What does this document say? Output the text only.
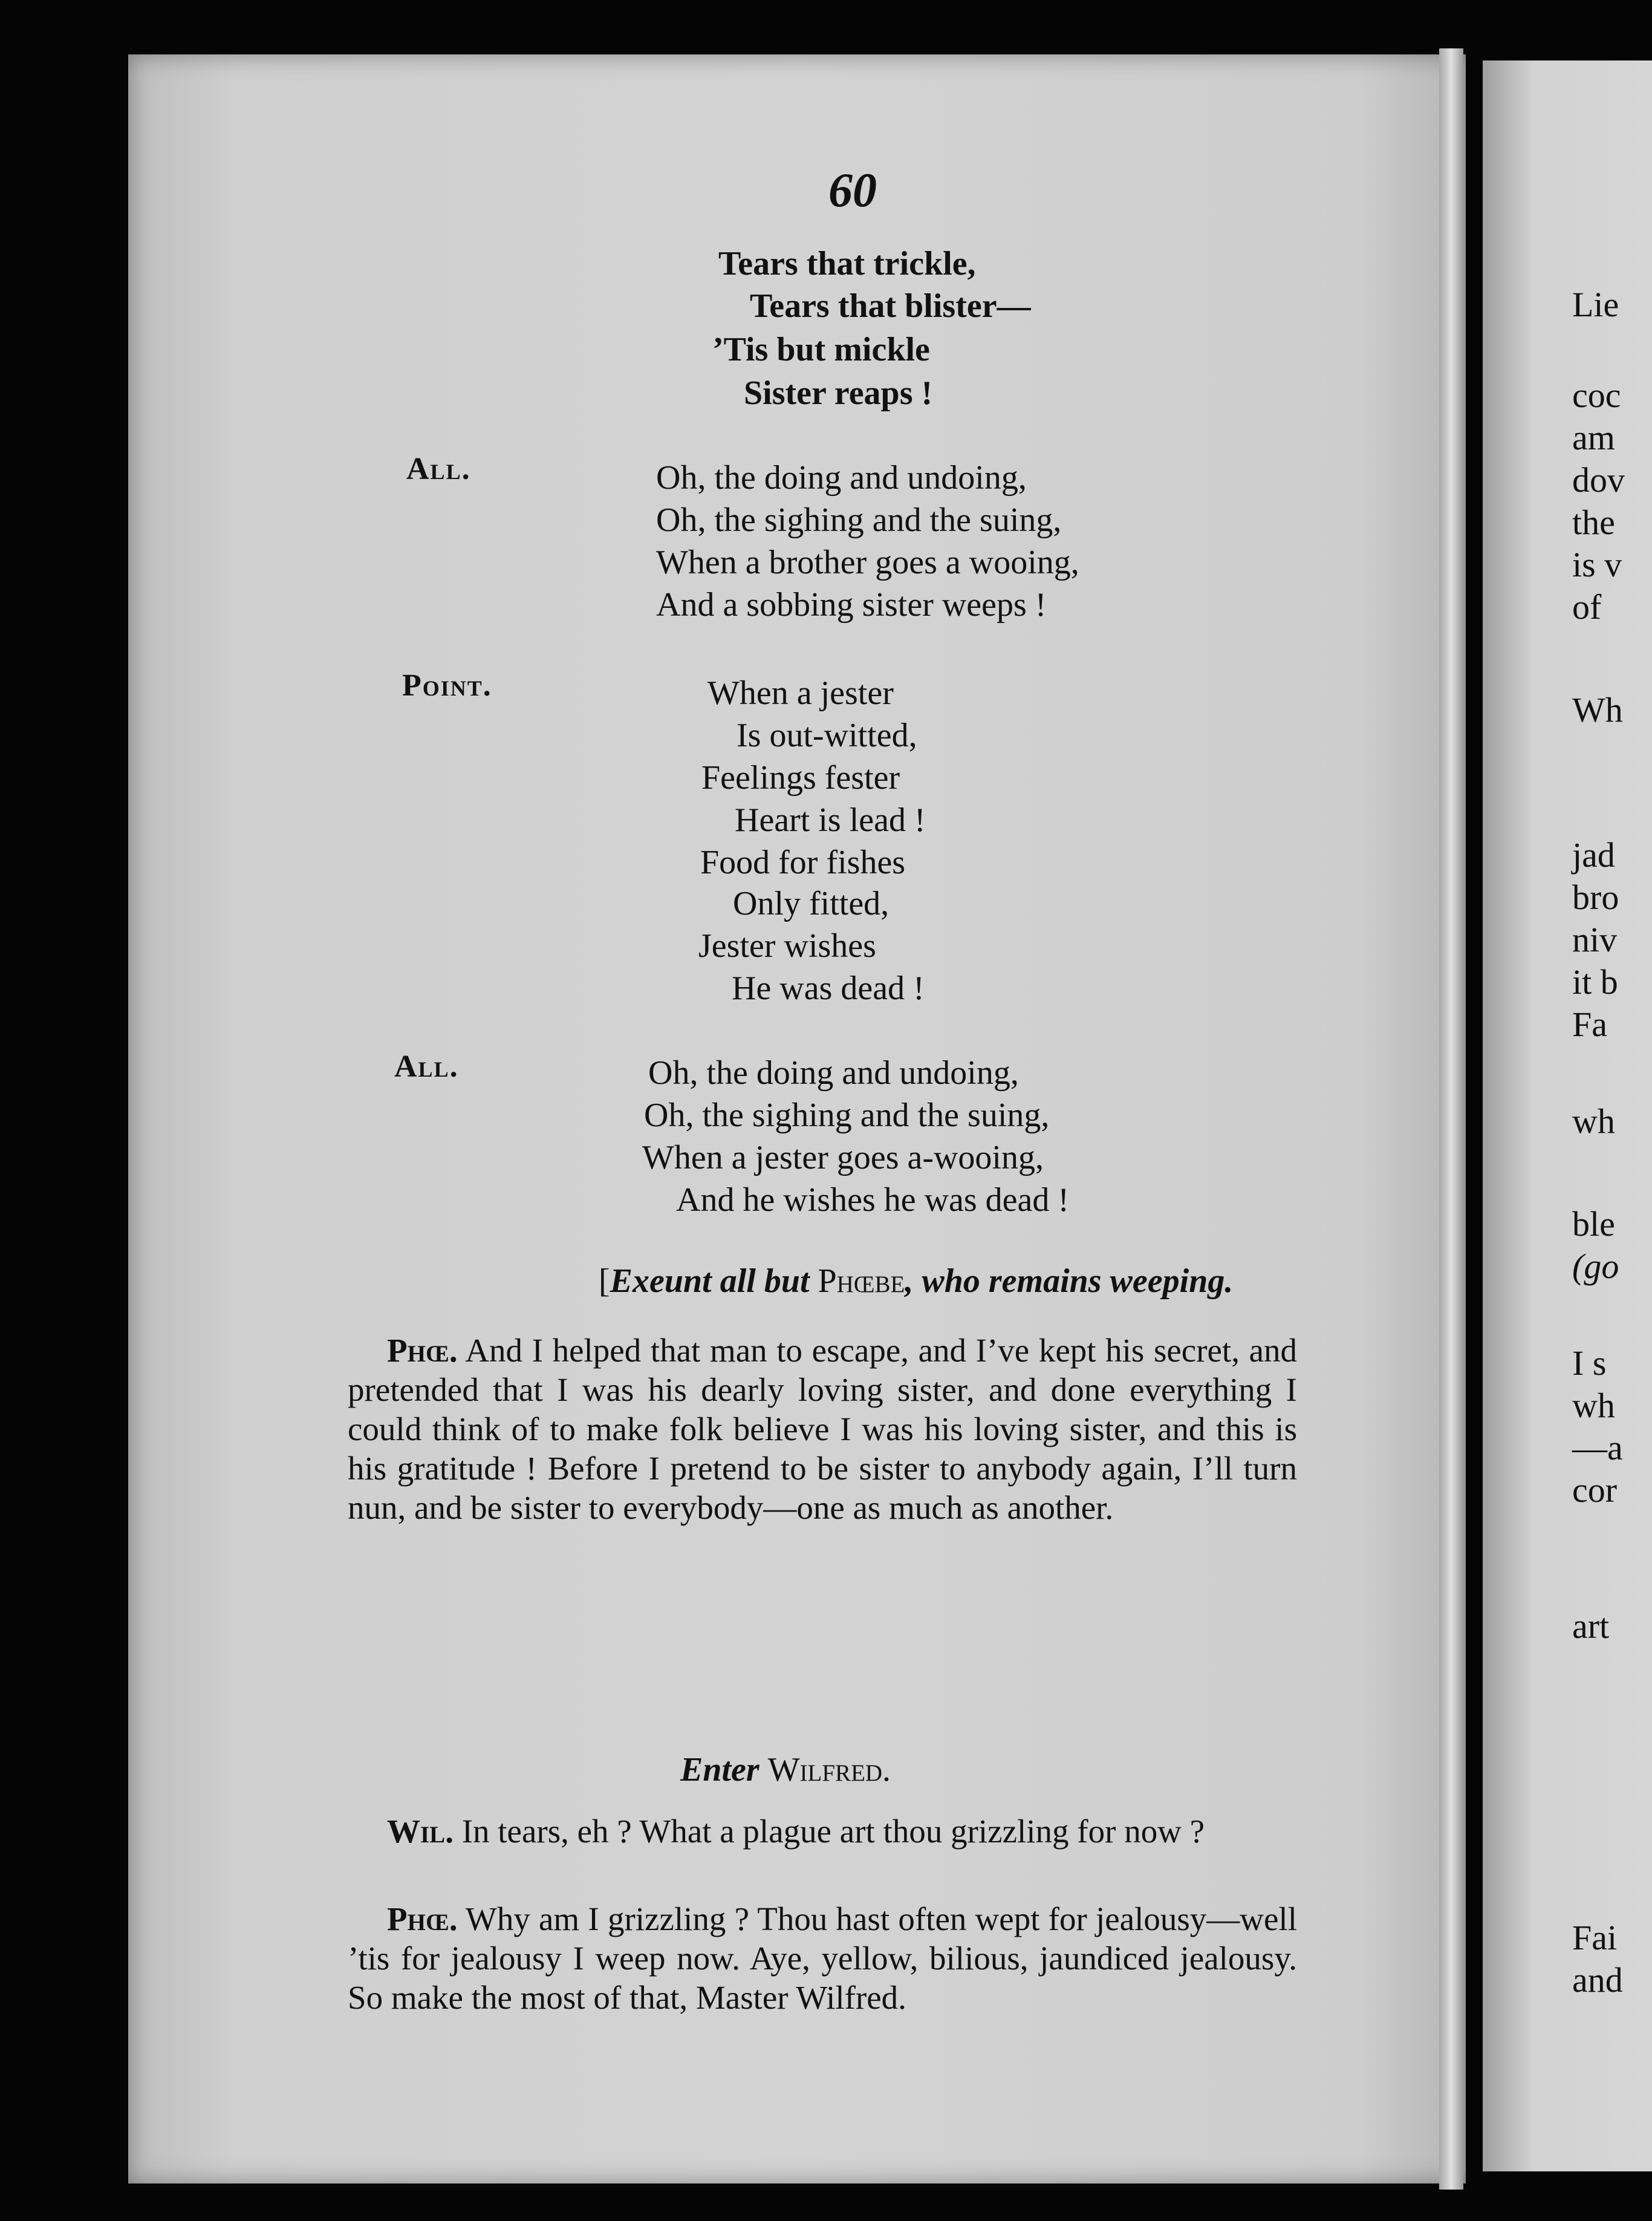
60
Tears that trickle,
Tears that blister—
’Tis but mickle
Sister reaps !
All.	Oh, the doing and undoing,
Oh, the sighing and the suing,
When a brother goes a wooing,
And a sobbing sister weeps !
Point.	When a jester
Is out-witted,
Feelings fester
Heart is lead !
Food for fishes
Only fitted,
Jester wishes
He was dead !
All.	Oh, the doing and undoing,
Oh, the sighing and the suing,
When a jester goes a-wooing,
And he wishes he was dead !
[Exeunt all but Phœbe, who remains weeping.

Phœ. And I helped that man to escape, and I’ve kept his secret, and pretended that I was his dearly loving sister, and done everything I could think of to make folk believe I was his loving sister, and this is his gratitude ! Before I pretend to be sister to anybody again, I’ll turn nun, and be sister to everybody—one as much as another.

Enter Wilfred.

Wil. In tears, eh ? What a plague art thou grizzling for now ?

Phœ. Why am I grizzling ? Thou hast often wept for jealousy—well ’tis for jealousy I weep now. Aye, yellow, bilious, jaundiced jealousy. So make the most of that, Master Wilfred.

Lie
coc
am
dov
the
is v
of
Wh
jad
bro
niv
it b
Fa
wh
ble
(go
I s
wh
—a
cor
art
Fai
and
